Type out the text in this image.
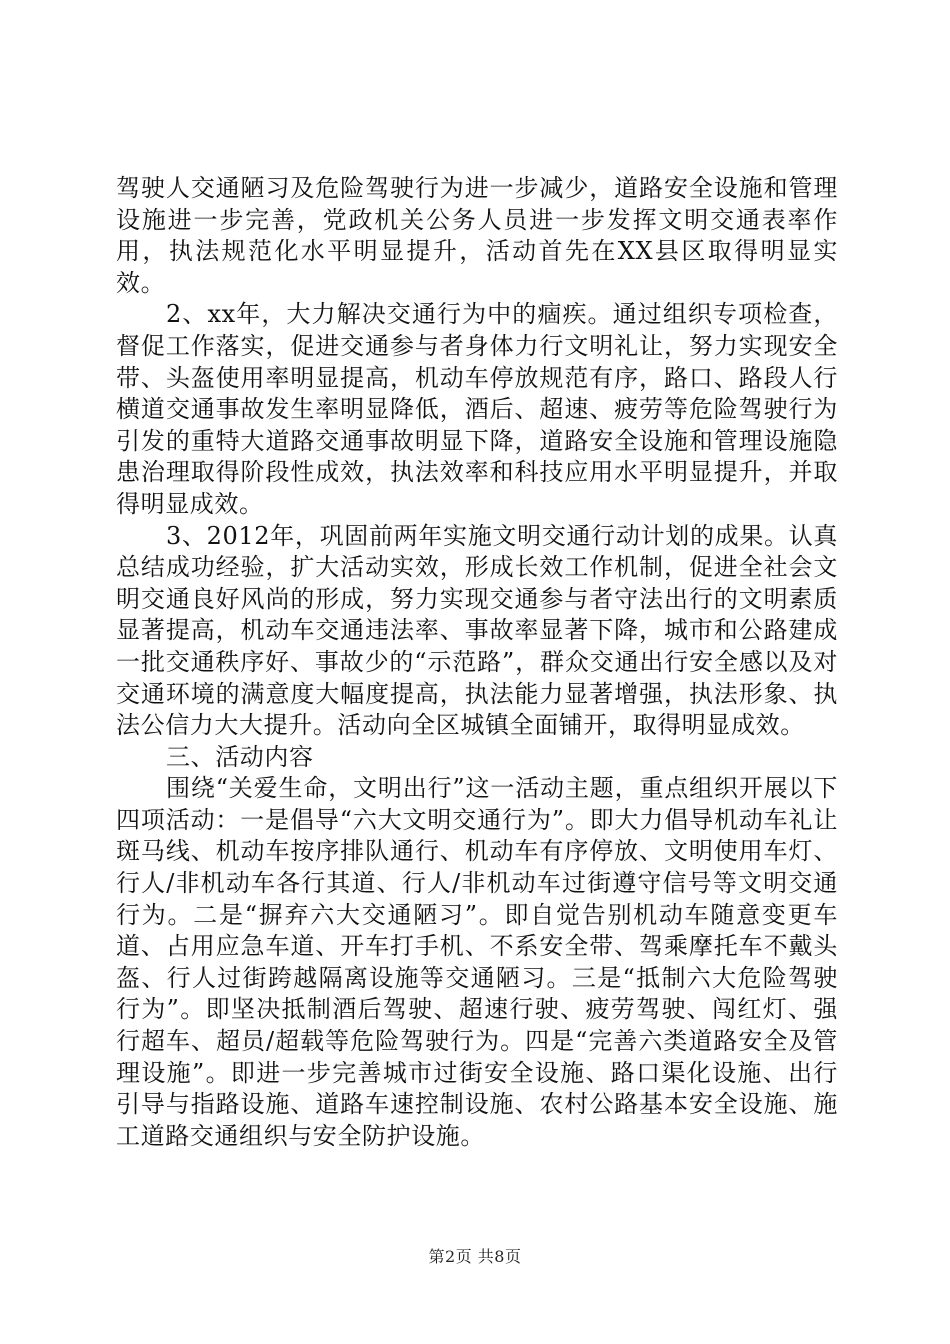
驾驶人交通陋习及危险驾驶行为进一步减少，道路安全设施和管理设施进一步完善，党政机关公务人员进一步发挥文明交通表率作用，执法规范化水平明显提升，活动首先在XX县区取得明显实效。

2、xx年，大力解决交通行为中的痼疾。通过组织专项检查，督促工作落实，促进交通参与者身体力行文明礼让，努力实现安全带、头盔使用率明显提高，机动车停放规范有序，路口、路段人行横道交通事故发生率明显降低，酒后、超速、疲劳等危险驾驶行为引发的重特大道路交通事故明显下降，道路安全设施和管理设施隐患治理取得阶段性成效，执法效率和科技应用水平明显提升，并取得明显成效。

3、2012年，巩固前两年实施文明交通行动计划的成果。认真总结成功经验，扩大活动实效，形成长效工作机制，促进全社会文明交通良好风尚的形成，努力实现交通参与者守法出行的文明素质显著提高，机动车交通违法率、事故率显著下降，城市和公路建成一批交通秩序好、事故少的“示范路”，群众交通出行安全感以及对交通环境的满意度大幅度提高，执法能力显著增强，执法形象、执法公信力大大提升。活动向全区城镇全面铺开，取得明显成效。

三、活动内容

围绕“关爱生命，文明出行”这一活动主题，重点组织开展以下四项活动：一是倡导“六大文明交通行为”。即大力倡导机动车礼让斑马线、机动车按序排队通行、机动车有序停放、文明使用车灯、行人/非机动车各行其道、行人/非机动车过街遵守信号等文明交通行为。二是“摒弃六大交通陋习”。即自觉告别机动车随意变更车道、占用应急车道、开车打手机、不系安全带、驾乘摩托车不戴头盔、行人过街跨越隔离设施等交通陋习。三是“抵制六大危险驾驶行为”。即坚决抵制酒后驾驶、超速行驶、疲劳驾驶、闯红灯、强行超车、超员/超载等危险驾驶行为。四是“完善六类道路安全及管理设施”。即进一步完善城市过街安全设施、路口渠化设施、出行引导与指路设施、道路车速控制设施、农村公路基本安全设施、施工道路交通组织与安全防护设施。

第2页 共8页
